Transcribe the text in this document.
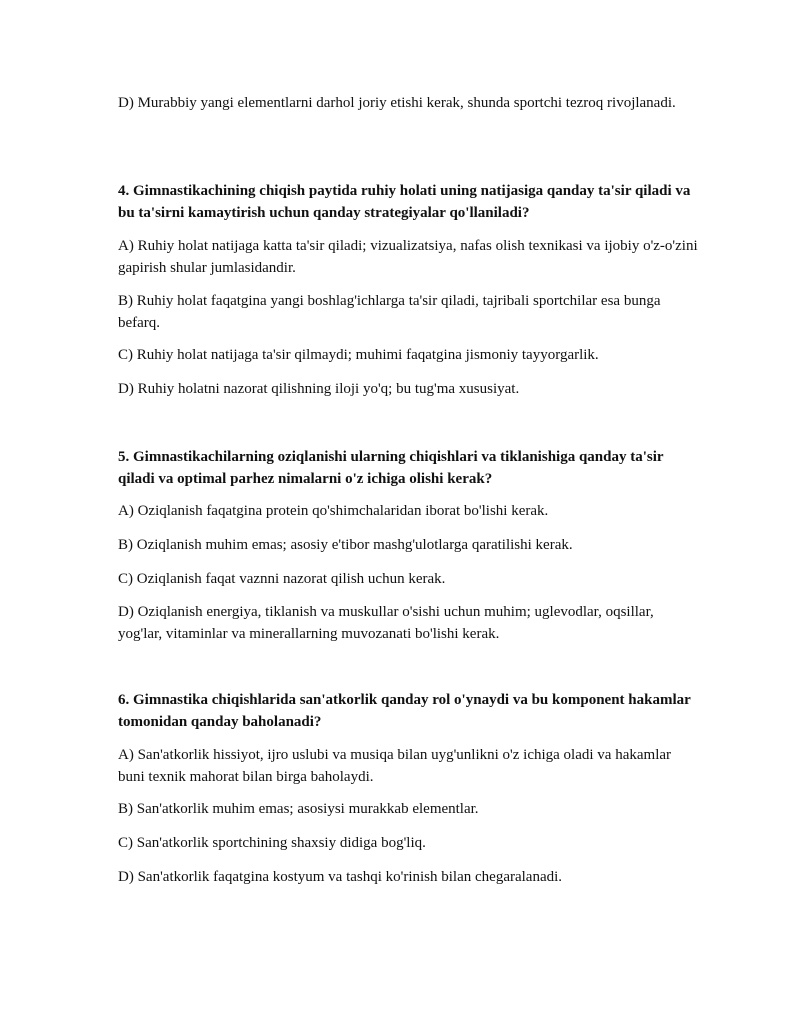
D) Murabbiy yangi elementlarni darhol joriy etishi kerak, shunda sportchi tezroq rivojlanadi.

4. Gimnastikachining chiqish paytida ruhiy holati uning natijasiga qanday ta'sir qiladi va bu ta'sirni kamaytirish uchun qanday strategiyalar qo'llaniladi?

A) Ruhiy holat natijaga katta ta'sir qiladi; vizualizatsiya, nafas olish texnikasi va ijobiy o'z-o'zini gapirish shular jumlasidandir.

B) Ruhiy holat faqatgina yangi boshlag'ichlarga ta'sir qiladi, tajribali sportchilar esa bunga befarq.

C) Ruhiy holat natijaga ta'sir qilmaydi; muhimi faqatgina jismoniy tayyorgarlik.

D) Ruhiy holatni nazorat qilishning iloji yo'q; bu tug'ma xususiyat.

5. Gimnastikachilarning oziqlanishi ularning chiqishlari va tiklanishiga qanday ta'sir qiladi va optimal parhez nimalarni o'z ichiga olishi kerak?

A) Oziqlanish faqatgina protein qo'shimchalaridan iborat bo'lishi kerak.

B) Oziqlanish muhim emas; asosiy e'tibor mashg'ulotlarga qaratilishi kerak.

C) Oziqlanish faqat vaznni nazorat qilish uchun kerak.

D) Oziqlanish energiya, tiklanish va muskullar o'sishi uchun muhim; uglevodlar, oqsillar, yog'lar, vitaminlar va minerallarning muvozanati bo'lishi kerak.

6. Gimnastika chiqishlarida san'atkorlik qanday rol o'ynaydi va bu komponent hakamlar tomonidan qanday baholanadi?

A) San'atkorlik hissiyot, ijro uslubi va musiqa bilan uyg'unlikni o'z ichiga oladi va hakamlar buni texnik mahorat bilan birga baholaydi.

B) San'atkorlik muhim emas; asosiysi murakkab elementlar.

C) San'atkorlik sportchining shaxsiy didiga bog'liq.

D) San'atkorlik faqatgina kostyum va tashqi ko'rinish bilan chegaralanadi.
